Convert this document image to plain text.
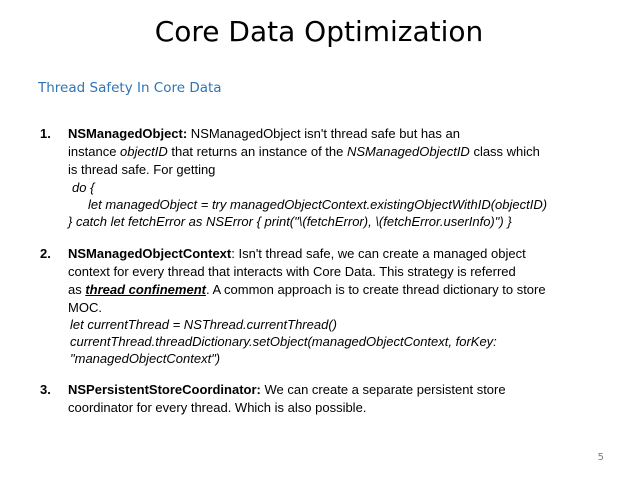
Core Data Optimization
Thread Safety In Core Data
1. NSManagedObject: NSManagedObject isn't thread safe but has an
instance objectID that returns an instance of the NSManagedObjectID class which
is thread safe. For getting
do {
let managedObject = try managedObjectContext.existingObjectWithID(objectID)
} catch let fetchError as NSError { print("\(fetchError), \(fetchError.userInfo)") }
2. NSManagedObjectContext: Isn't thread safe, we can create a managed object
context for every thread that interacts with Core Data. This strategy is referred
as thread confinement. A common approach is to create thread dictionary to store
MOC.
let currentThread = NSThread.currentThread()
currentThread.threadDictionary.setObject(managedObjectContext, forKey:
"managedObjectContext")
3. NSPersistentStoreCoordinator: We can create a separate persistent store
coordinator for every thread. Which is also possible.
5
